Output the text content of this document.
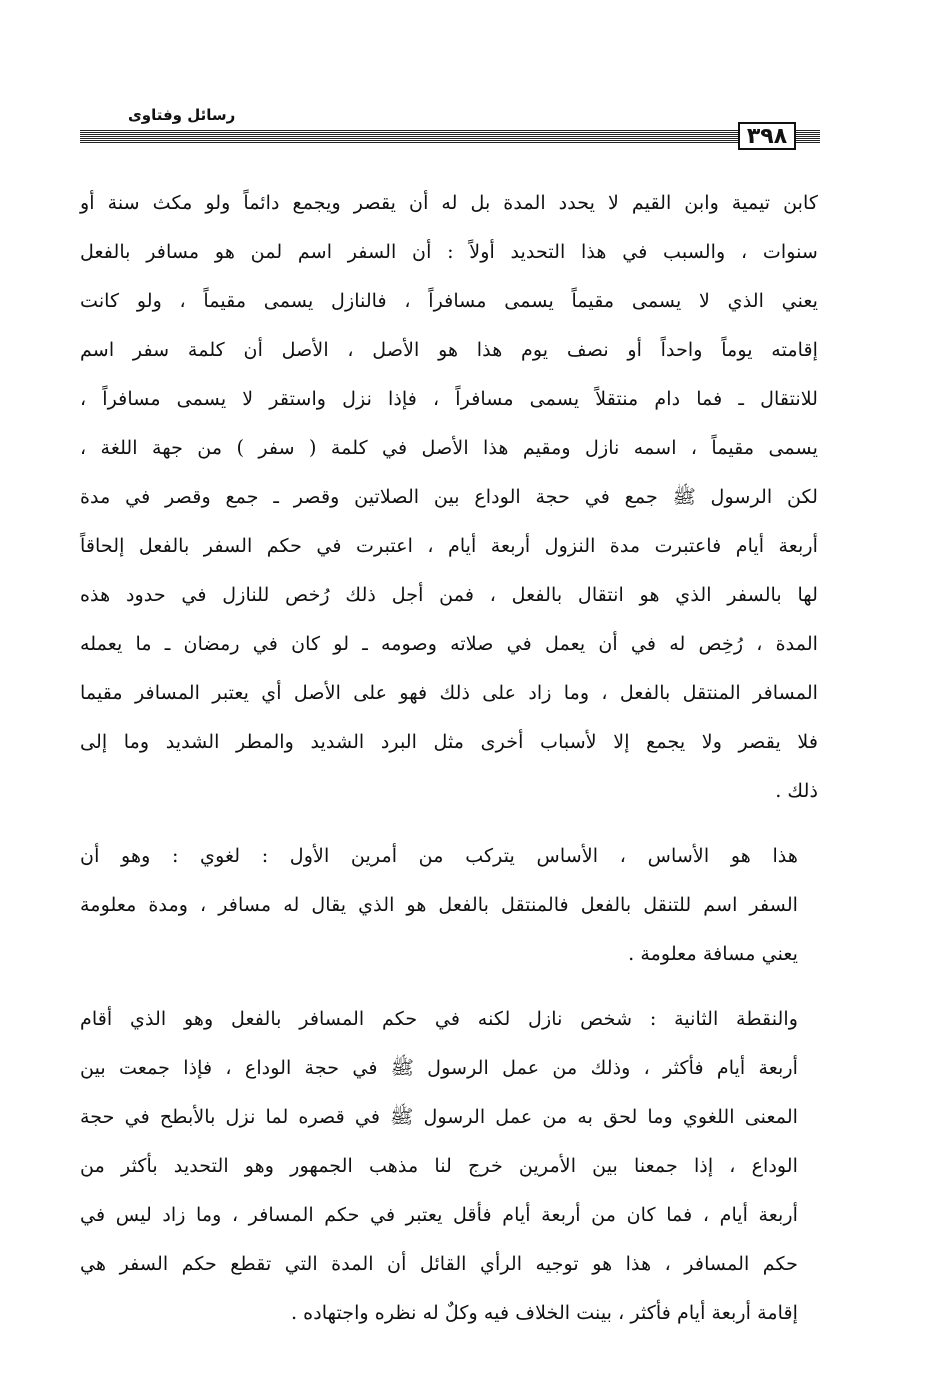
رسائل وفتاوى
٣٩٨
كابن تيمية وابن القيم لا يحدد المدة بل له أن يقصر ويجمع دائماً ولو مكث سنة أو
سنوات ، والسبب في هذا التحديد أولاً : أن السفر اسم لمن هو مسافر بالفعل
يعني الذي لا يسمى مقيماً يسمى مسافراً ، فالنازل يسمى مقيماً ، ولو كانت
إقامته يوماً واحداً أو نصف يوم هذا هو الأصل ، الأصل أن كلمة سفر اسم
للانتقال ـ فما دام منتقلاً يسمى مسافراً ، فإذا نزل واستقر لا يسمى مسافراً ،
يسمى مقيماً ، اسمه نازل ومقيم هذا الأصل في كلمة ( سفر ) من جهة اللغة ،
لكن الرسول ﷺ جمع في حجة الوداع بين الصلاتين وقصر ـ جمع وقصر في مدة
أربعة أيام فاعتبرت مدة النزول أربعة أيام ، اعتبرت في حكم السفر بالفعل إلحاقاً
لها بالسفر الذي هو انتقال بالفعل ، فمن أجل ذلك رُخص للنازل في حدود هذه
المدة ، رُخِص له في أن يعمل في صلاته وصومه ـ لو كان في رمضان ـ ما يعمله
المسافر المنتقل بالفعل ، وما زاد على ذلك فهو على الأصل أي يعتبر المسافر مقيما
فلا يقصر ولا يجمع إلا لأسباب أخرى مثل البرد الشديد والمطر الشديد وما إلى
ذلك .
هذا هو الأساس ، الأساس يتركب من أمرين الأول : لغوي : وهو أن
السفر اسم للتنقل بالفعل فالمنتقل بالفعل هو الذي يقال له مسافر ، ومدة معلومة
يعني مسافة معلومة .
والنقطة الثانية : شخص نازل لكنه في حكم المسافر بالفعل وهو الذي أقام
أربعة أيام فأكثر ، وذلك من عمل الرسول ﷺ في حجة الوداع ، فإذا جمعت بين
المعنى اللغوي وما لحق به من عمل الرسول ﷺ في قصره لما نزل بالأبطح في حجة
الوداع ، إذا جمعنا بين الأمرين خرج لنا مذهب الجمهور وهو التحديد بأكثر من
أربعة أيام ، فما كان من أربعة أيام فأقل يعتبر في حكم المسافر ، وما زاد ليس في
حكم المسافر ، هذا هو توجيه الرأي القائل أن المدة التي تقطع حكم السفر هي
إقامة أربعة أيام فأكثر ، بينت الخلاف فيه وكلٌ له نظره واجتهاده .
